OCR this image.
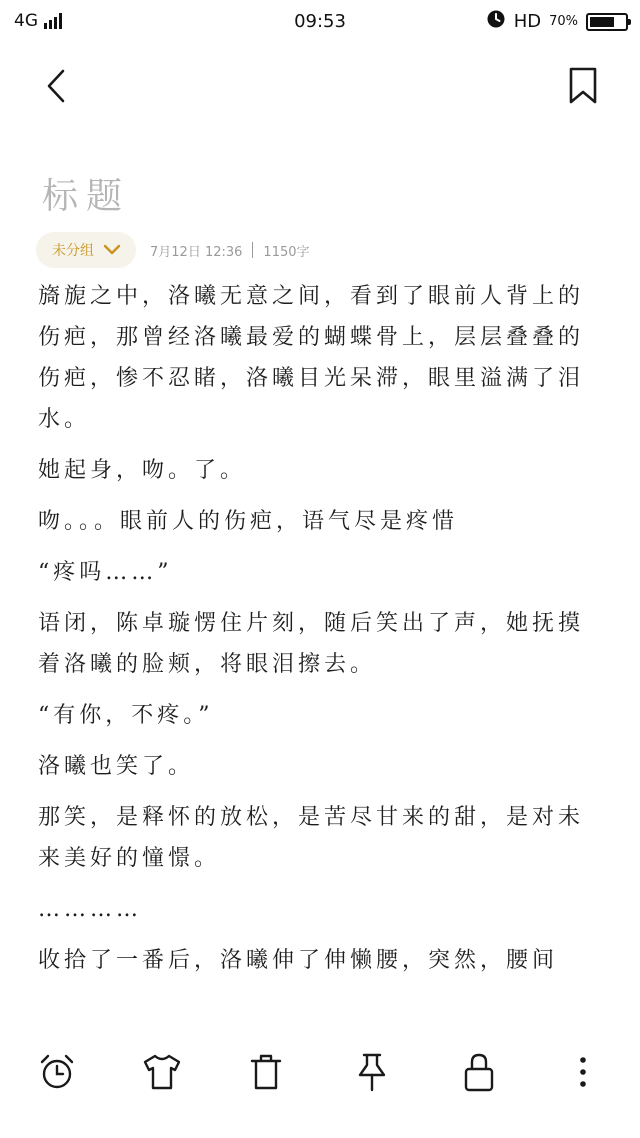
4G	09:53	HD 70%
标题
未分组	7月12日 12:36 1150字

旖旎之中，洛曦无意之间，看到了眼前人背上的伤疤，那曾经洛曦最爱的蝴蝶骨上，层层叠叠的伤疤，惨不忍睹，洛曦目光呆滞，眼里溢满了泪水。

她起身，吻。了。

吻。。。眼前人的伤疤，语气尽是疼惜

“疼吗……”

语闭，陈卓璇愣住片刻，随后笑出了声，她抚摸着洛曦的脸颊，将眼泪擦去。

“有你，不疼。”

洛曦也笑了。

那笑，是释怀的放松，是苦尽甘来的甜，是对未来美好的憧憬。

…………

收拾了一番后，洛曦伸了伸懒腰，突然，腰间
